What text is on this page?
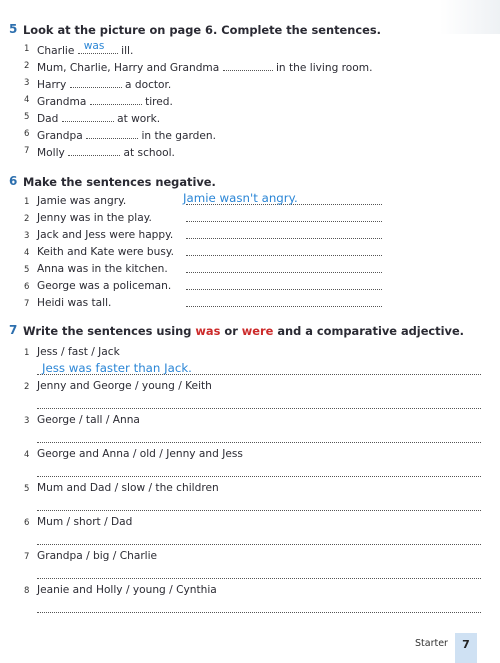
5 Look at the picture on page 6. Complete the sentences.
1 Charlie was ill.
2 Mum, Charlie, Harry and Grandma	in the living room.
3 Harry	a doctor.
4 Grandma	tired.
5 Dad	at work.
6 Grandpa	in the garden.
7 Molly	at school.
6 Make the sentences negative.
1 Jamie was angry.	Jamie wasn't angry.
2 Jenny was in the play.
3 Jack and Jess were happy.
4 Keith and Kate were busy.
5 Anna was in the kitchen.
6 George was a policeman.
7 Heidi was tall.
7 Write the sentences using was or were and a comparative adjective.
1 Jess / fast / Jack
Jess was faster than Jack.
2 Jenny and George / young / Keith
3 George / tall / Anna
4 George and Anna / old / Jenny and Jess
5 Mum and Dad / slow / the children
6 Mum / short / Dad
7 Grandpa / big / Charlie
8 Jeanie and Holly / young / Cynthia
Starter	7
